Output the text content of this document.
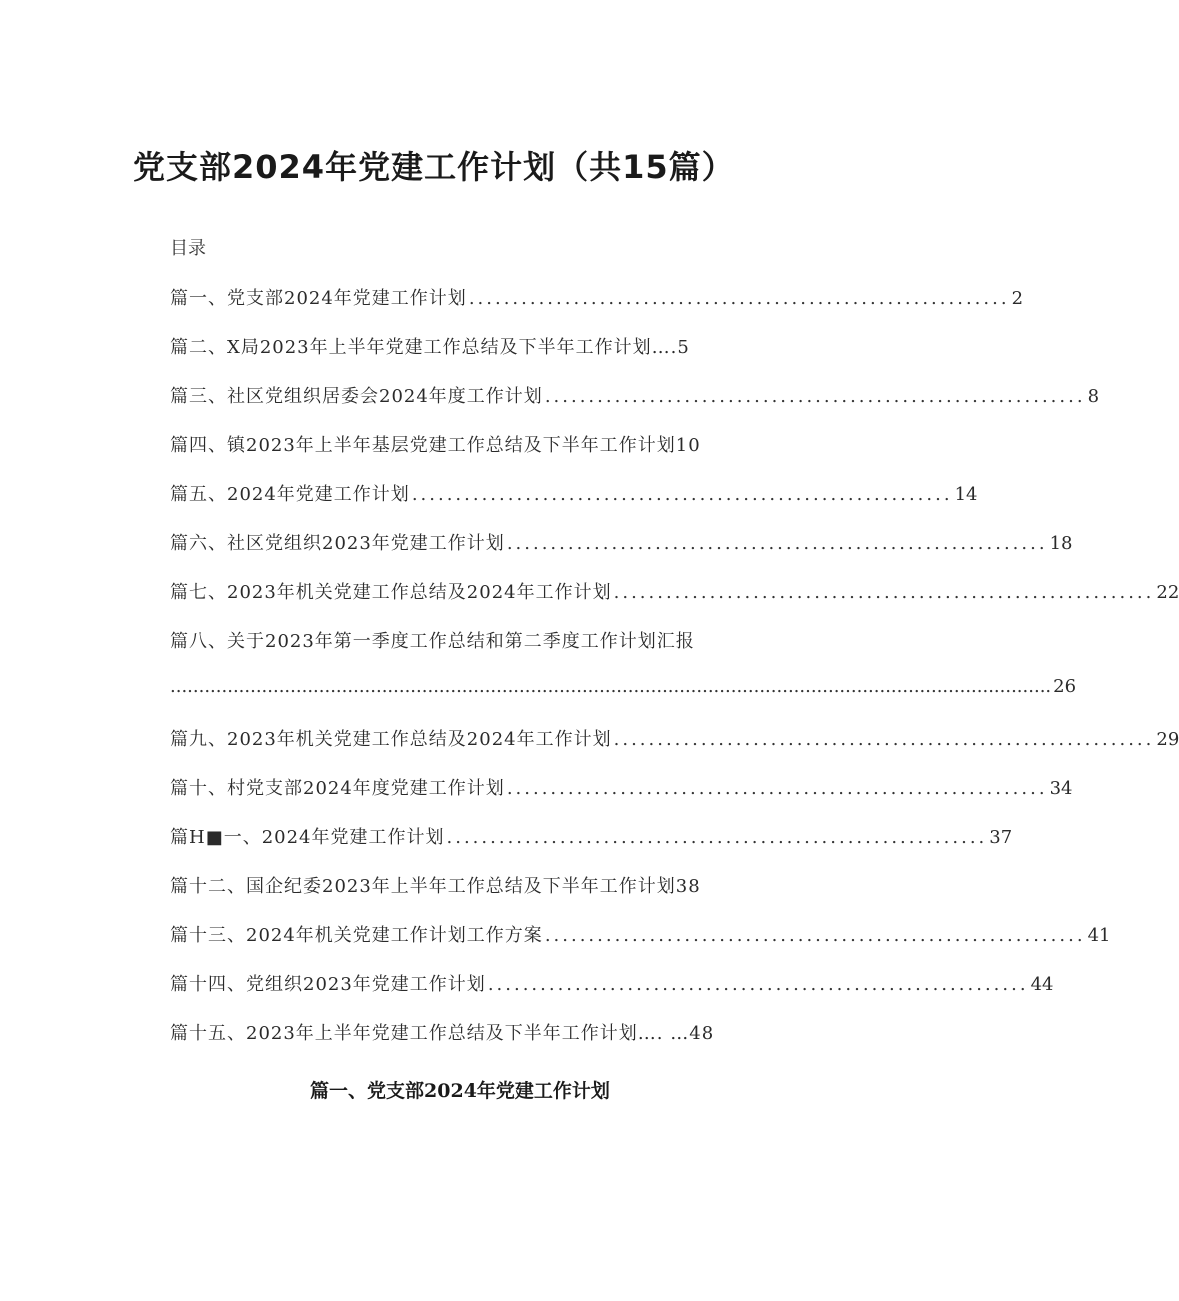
党支部2024年党建工作计划（共15篇）
目录
篇一、党支部2024年党建工作计划 .............................................................. 2
篇二、X局2023年上半年党建工作总结及下半年工作计划….5
篇三、社区党组织居委会2024年度工作计划 .............................................................. 8
篇四、镇2023年上半年基层党建工作总结及下半年工作计划10
篇五、2024年党建工作计划 .............................................................. 14
篇六、社区党组织2023年党建工作计划 .............................................................. 18
篇七、2023年机关党建工作总结及2024年工作计划 .............................................................. 22
篇八、关于2023年第一季度工作总结和第二季度工作计划汇报
.......................................................................................................................................................... 26
篇九、2023年机关党建工作总结及2024年工作计划 .............................................................. 29
篇十、村党支部2024年度党建工作计划 .............................................................. 34
篇H■一、2024年党建工作计划 .............................................................. 37
篇十二、国企纪委2023年上半年工作总结及下半年工作计划38
篇十三、2024年机关党建工作计划工作方案 .............................................................. 41
篇十四、党组织2023年党建工作计划 .............................................................. 44
篇十五、2023年上半年党建工作总结及下半年工作计划…. …48
篇一、党支部2024年党建工作计划
